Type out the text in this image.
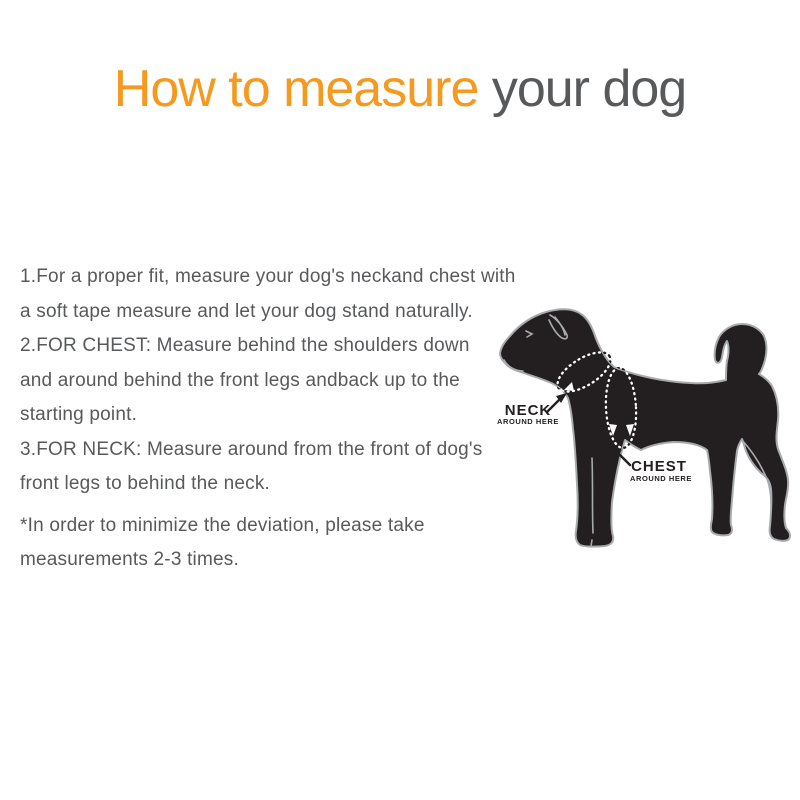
How to measure your dog
1.For a proper fit, measure your dog's neckand chest with
a soft tape measure and let your dog stand naturally.
2.FOR CHEST: Measure behind the shoulders down
and around behind the front legs andback up to the
starting point.
3.FOR NECK: Measure around from the front of dog's
front legs to behind the neck.
*In order to minimize the deviation, please take
measurements 2-3 times.
NECK
AROUND HERE
CHEST
AROUND HERE
